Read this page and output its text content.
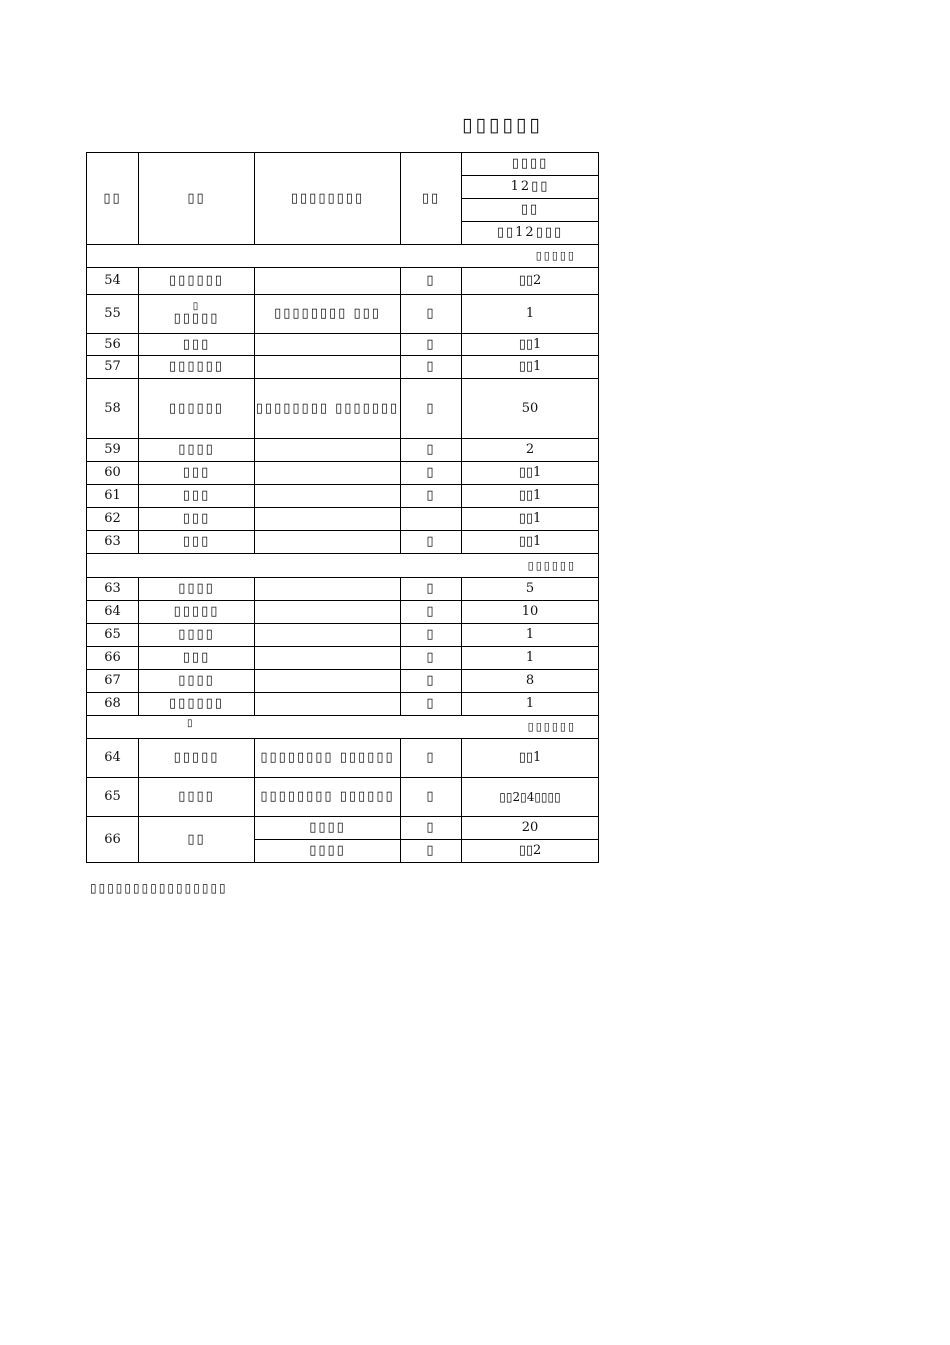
▯▯▯▯▯▯
▯▯	▯▯	▯▯▯▯▯▯▯▯	▯▯	▯▯▯▯
				12▯▯
				▯▯
				▯▯12▯▯▯
▯▯▯▯▯				
54	▯▯▯▯▯▯		▯	▯▯2
55	▯
▯▯▯▯▯	▯▯▯▯▯▯▯▯ ▯▯▯	▯	1
56	▯▯▯		▯	▯▯1
57	▯▯▯▯▯▯		▯	▯▯1
58	▯▯▯▯▯▯	▯▯▯▯▯▯▯▯ ▯▯▯▯▯▯▯	▯	50
59	▯▯▯▯		▯	2
60	▯▯▯		▯	▯▯1
61	▯▯▯		▯	▯▯1
62	▯▯▯			▯▯1
63	▯▯▯		▯	▯▯1
▯▯▯▯▯▯				
63	▯▯▯▯		▯	5
64	▯▯▯▯▯		▯	10
65	▯▯▯▯		▯	1
66	▯▯▯		▯	1
67	▯▯▯▯		▯	8
68	▯▯▯▯▯▯		▯	1

▯ ▯▯▯▯▯▯				
64	▯▯▯▯▯	▯▯▯▯▯▯▯▯ ▯▯▯▯▯▯	▯	▯▯1
65	▯▯▯▯	▯▯▯▯▯▯▯▯ ▯▯▯▯▯▯	▯	▯▯2▯4▯▯▯▯
66	▯▯	▯▯▯▯	▯	20
		▯▯▯▯	▯	▯▯2
▯▯▯▯▯▯▯▯▯▯▯▯▯▯▯▯
